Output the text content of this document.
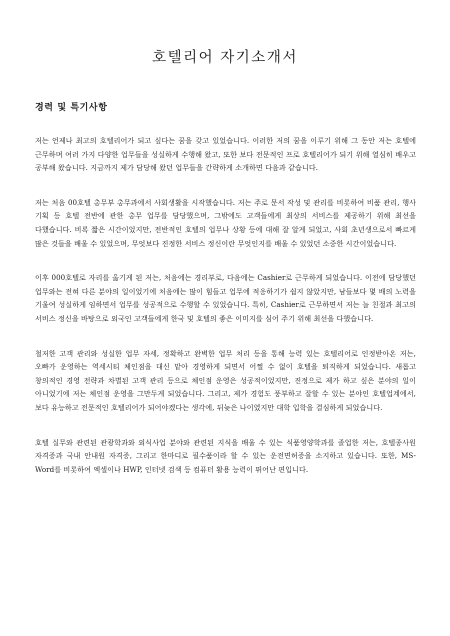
호텔리어 자기소개서
경력 및 특기사항

저는 언제나 최고의 호텔리어가 되고 싶다는 꿈을 갖고 있었습니다. 이러한 저의 꿈을 이루기 위해 그 동안 저는 호텔에 근무하며 여러 가지 다양한 업무들을 성실하게 수행해 왔고, 또한 보다 전문적인 프로 호텔리어가 되기 위해 열심히 배우고 공부해 왔습니다. 지금까지 제가 담당해 왔던 업무들을 간략하게 소개하면 다음과 같습니다.

저는 처음 00호텔 총무부 총무과에서 사회생활을 시작했습니다. 저는 주로 문서 작성 및 관리를 비롯하여 비품 관리, 행사 기획 등 호텔 전반에 관한 총무 업무를 담당했으며, 그밖에도 고객들에게 최상의 서비스를 제공하기 위해 최선을 다했습니다. 비록 짧은 시간이었지만, 전반적인 호텔의 업무나 상황 등에 대해 잘 알게 되었고, 사회 초년생으로서 빠르게 많은 것들을 배울 수 있었으며, 무엇보다 진정한 서비스 정신이란 무엇인지를 배울 수 있었던 소중한 시간이었습니다.

이후 000호텔로 자리를 옮기게 된 저는, 처음에는 경리부로, 다음에는 Cashier로 근무하게 되었습니다. 이전에 담당했던 업무와는 전혀 다른 분야의 일이었기에 처음에는 많이 힘들고 업무에 적응하기가 쉽지 않았지만, 남들보다 몇 배의 노력을 기울여 성실하게 임하면서 업무를 성공적으로 수행할 수 있었습니다. 특히, Cashier로 근무하면서 저는 늘 친절과 최고의 서비스 정신을 바탕으로 외국인 고객들에게 한국 및 호텔의 좋은 이미지를 심어 주기 위해 최선을 다했습니다.

철저한 고객 관리와 성실한 업무 자세, 정확하고 완벽한 업무 처리 등을 통해 능력 있는 호텔리어로 인정받아온 저는, 오빠가 운영하는 역세시티 체인점을 대신 맡아 경영하게 되면서 어쩔 수 없이 호텔을 퇴직하게 되었습니다. 새롭고 창의적인 경영 전략과 차별된 고객 관리 등으로 체인점 운영은 성공적이었지만, 진정으로 제가 하고 싶은 분야의 일이 아니었기에 저는 체인점 운영을 그만두게 되었습니다. 그리고, 제가 경험도 풍부하고 잘할 수 있는 분야인 호텔업계에서, 보다 유능하고 전문적인 호텔리어가 되어야겠다는 생각에, 뒤늦은 나이였지만 대학 입학을 결심하게 되었습니다.

호텔 실무와 관련된 관광학과와 외식사업 분야와 관련된 지식을 배울 수 있는 식품영양학과를 졸업한 저는, 호텔종사원 자격증과 국내 안내원 자격증, 그리고 한마디로 필수품이라 할 수 있는 운전면허증을 소지하고 있습니다. 또한, MS-Word를 비롯하여 엑셀이나 HWP, 인터넷 검색 등 컴퓨터 활용 능력이 뛰어난 편입니다.
